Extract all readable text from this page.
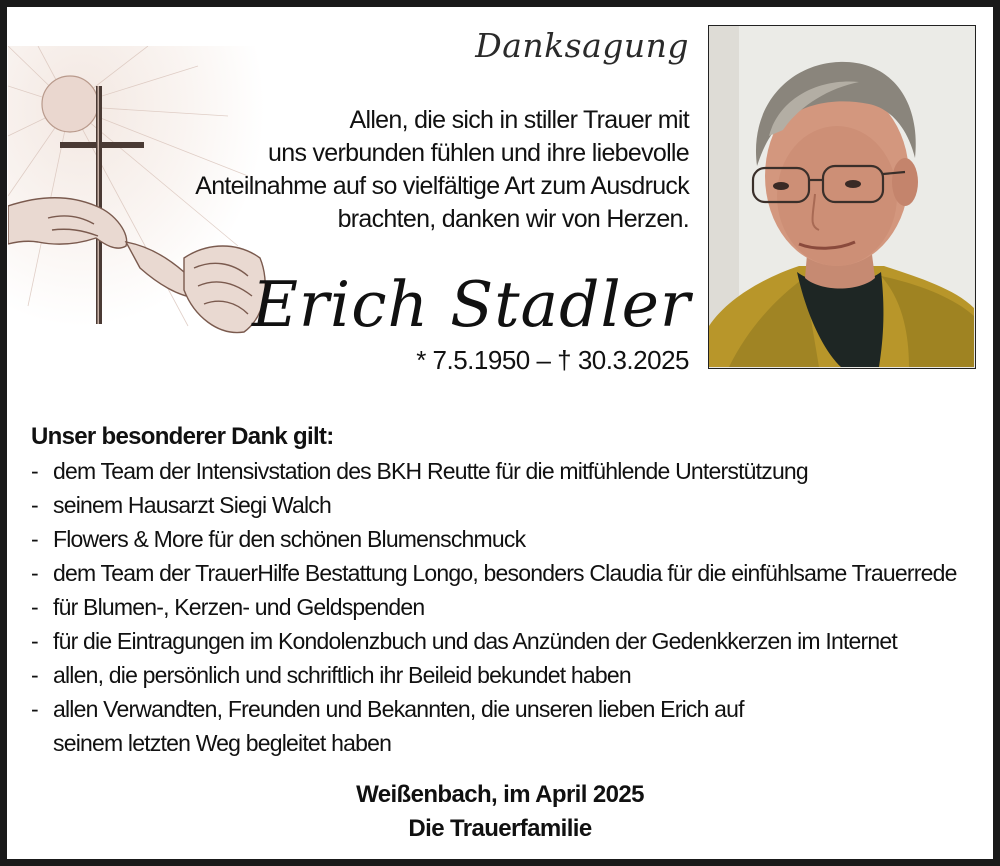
Danksagung
Allen, die sich in stiller Trauer mit
uns verbunden fühlen und ihre liebevolle
Anteilnahme auf so vielfältige Art zum Ausdruck
brachten, danken wir von Herzen.
Erich Stadler
* 7.5.1950 – † 30.3.2025
Unser besonderer Dank gilt:
- dem Team der Intensivstation des BKH Reutte für die mitfühlende Unterstützung
- seinem Hausarzt Siegi Walch
- Flowers & More für den schönen Blumenschmuck
- dem Team der TrauerHilfe Bestattung Longo, besonders Claudia für die einfühlsame Trauerrede
- für Blumen-, Kerzen- und Geldspenden
- für die Eintragungen im Kondolenzbuch und das Anzünden der Gedenkkerzen im Internet
- allen, die persönlich und schriftlich ihr Beileid bekundet haben
- allen Verwandten, Freunden und Bekannten, die unseren lieben Erich auf
seinem letzten Weg begleitet haben
Weißenbach, im April 2025
Die Trauerfamilie
